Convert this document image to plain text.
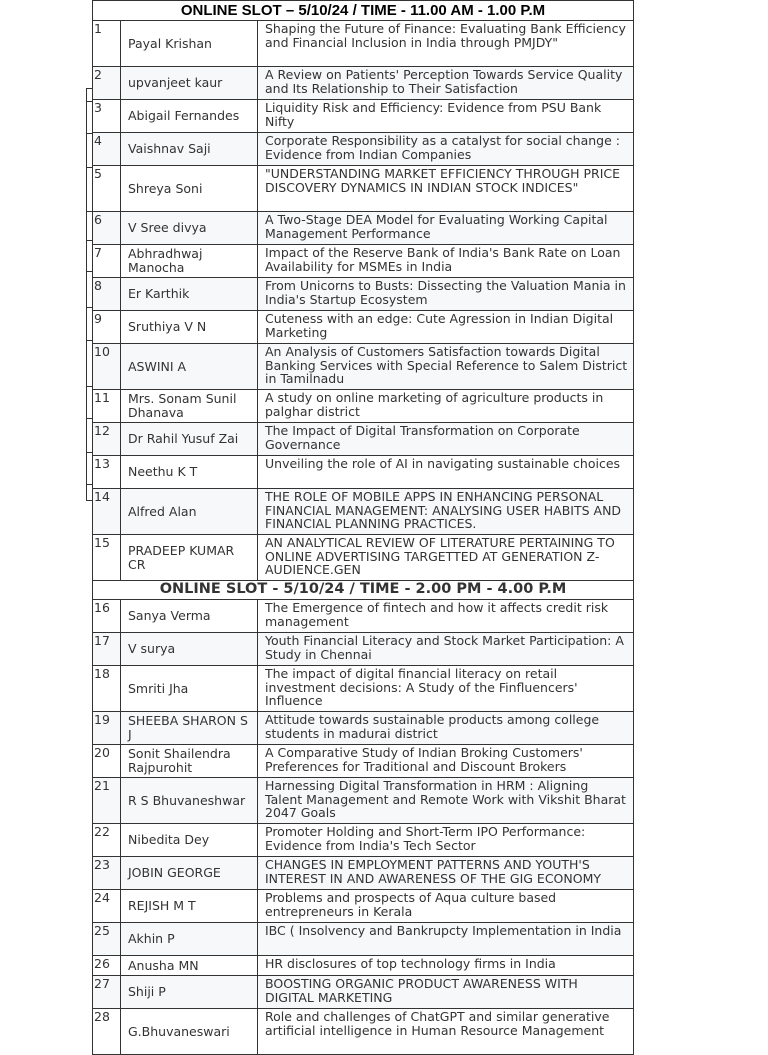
ONLINE SLOT – 5/10/24 / TIME - 11.00 AM - 1.00 P.M		
1	Payal Krishan	Shaping the Future of Finance: Evaluating Bank Efficiency and Financial Inclusion in India through PMJDY"
2	upvanjeet kaur	A Review on Patients' Perception Towards Service Quality and Its Relationship to Their Satisfaction
3	Abigail Fernandes	Liquidity Risk and Efficiency: Evidence from PSU Bank Nifty
4	Vaishnav Saji	Corporate Responsibility as a catalyst for social change : Evidence from Indian Companies
5	Shreya Soni	"UNDERSTANDING MARKET EFFICIENCY THROUGH PRICE DISCOVERY DYNAMICS IN INDIAN STOCK INDICES"
6	V Sree divya	A Two-Stage DEA Model for Evaluating Working Capital Management Performance
7	Abhradhwaj Manocha	Impact of the Reserve Bank of India's Bank Rate on Loan Availability for MSMEs in India
8	Er Karthik	From Unicorns to Busts: Dissecting the Valuation Mania in India's Startup Ecosystem
9	Sruthiya V N	Cuteness with an edge: Cute Agression in Indian Digital Marketing
10	ASWINI A	An Analysis of Customers Satisfaction towards Digital Banking Services with Special Reference to Salem District in Tamilnadu
11	Mrs. Sonam Sunil Dhanava	A study on online marketing of agriculture products in palghar district
12	Dr Rahil Yusuf Zai	The Impact of Digital Transformation on Corporate Governance
13	Neethu K T	Unveiling the role of AI in navigating sustainable choices
14	Alfred Alan	THE ROLE OF MOBILE APPS IN ENHANCING PERSONAL FINANCIAL MANAGEMENT: ANALYSING USER HABITS AND FINANCIAL PLANNING PRACTICES.
15	PRADEEP KUMAR CR	AN ANALYTICAL REVIEW OF LITERATURE PERTAINING TO ONLINE ADVERTISING TARGETTED AT GENERATION Z-AUDIENCE.GEN
ONLINE SLOT - 5/10/24 / TIME - 2.00 PM - 4.00 P.M		
16	Sanya Verma	The Emergence of fintech and how it affects credit risk management
17	V surya	Youth Financial Literacy and Stock Market Participation: A Study in Chennai
18	Smriti Jha	The impact of digital financial literacy on retail investment decisions: A Study of the Finfluencers' Influence
19	SHEEBA SHARON S J	Attitude towards sustainable products among college students in madurai district
20	Sonit Shailendra Rajpurohit	A Comparative Study of Indian Broking Customers' Preferences for Traditional and Discount Brokers
21	R S Bhuvaneshwar	Harnessing Digital Transformation in HRM : Aligning Talent Management and Remote Work with Vikshit Bharat 2047 Goals
22	Nibedita Dey	Promoter Holding and Short-Term IPO Performance: Evidence from India's Tech Sector
23	JOBIN GEORGE	CHANGES IN EMPLOYMENT PATTERNS AND YOUTH'S INTEREST IN AND AWARENESS OF THE GIG ECONOMY
24	REJISH M T	Problems and prospects of Aqua culture based entrepreneurs in Kerala
25	Akhin P	IBC ( Insolvency and Bankrupcty Implementation in India
26	Anusha MN	HR disclosures of top technology firms in India
27	Shiji P	BOOSTING ORGANIC PRODUCT AWARENESS WITH DIGITAL MARKETING
28	G.Bhuvaneswari	Role and challenges of ChatGPT and similar generative artificial intelligence in Human Resource Management
